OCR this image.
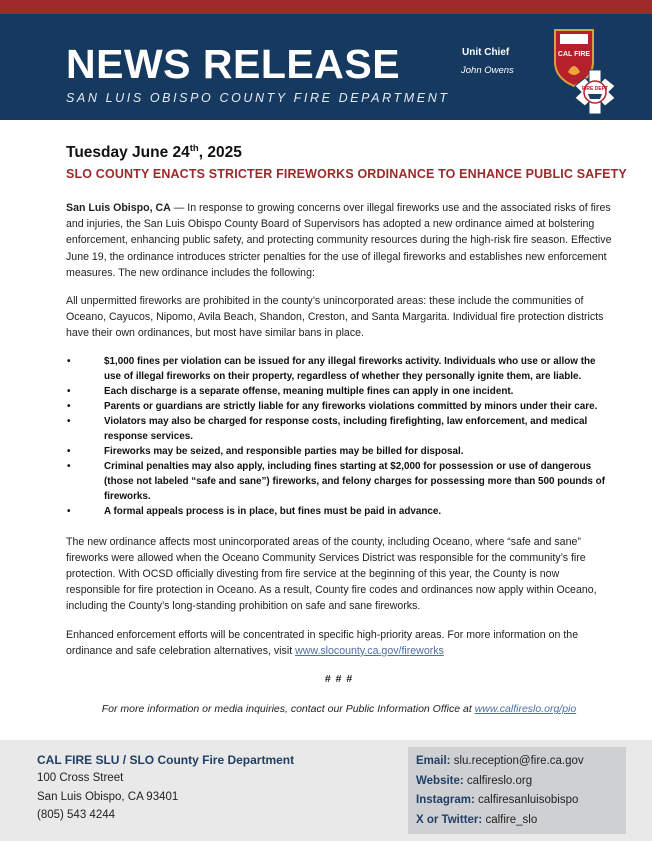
NEWS RELEASE
SAN LUIS OBISPO COUNTY FIRE DEPARTMENT
Unit Chief
John Owens
CAL FIRE
FIRE DEPT
Tuesday June 24th, 2025
SLO COUNTY ENACTS STRICTER FIREWORKS ORDINANCE TO ENHANCE PUBLIC SAFETY

San Luis Obispo, CA — In response to growing concerns over illegal fireworks use and the associated risks of fires and injuries, the San Luis Obispo County Board of Supervisors has adopted a new ordinance aimed at bolstering enforcement, enhancing public safety, and protecting community resources during the high-risk fire season. Effective June 19, the ordinance introduces stricter penalties for the use of illegal fireworks and establishes new enforcement measures. The new ordinance includes the following:

All unpermitted fireworks are prohibited in the county’s unincorporated areas: these include the communities of Oceano, Cayucos, Nipomo, Avila Beach, Shandon, Creston, and Santa Margarita. Individual fire protection districts have their own ordinances, but most have similar bans in place.

•	$1,000 fines per violation can be issued for any illegal fireworks activity. Individuals who use or allow the use of illegal fireworks on their property, regardless of whether they personally ignite them, are liable.
•	Each discharge is a separate offense, meaning multiple fines can apply in one incident.
•	Parents or guardians are strictly liable for any fireworks violations committed by minors under their care.
•	Violators may also be charged for response costs, including firefighting, law enforcement, and medical response services.
•	Fireworks may be seized, and responsible parties may be billed for disposal.
•	Criminal penalties may also apply, including fines starting at $2,000 for possession or use of dangerous (those not labeled “safe and sane”) fireworks, and felony charges for possessing more than 500 pounds of fireworks.
•	A formal appeals process is in place, but fines must be paid in advance.

The new ordinance affects most unincorporated areas of the county, including Oceano, where “safe and sane” fireworks were allowed when the Oceano Community Services District was responsible for the community’s fire protection. With OCSD officially divesting from fire service at the beginning of this year, the County is now responsible for fire protection in Oceano. As a result, County fire codes and ordinances now apply within Oceano, including the County’s long-standing prohibition on safe and sane fireworks.

Enhanced enforcement efforts will be concentrated in specific high-priority areas. For more information on the ordinance and safe celebration alternatives, visit www.slocounty.ca.gov/fireworks

# # #
For more information or media inquiries, contact our Public Information Office at www.calfireslo.org/pio
CAL FIRE SLU / SLO County Fire Department
100 Cross Street
San Luis Obispo, CA 93401
(805) 543 4244
Email: slu.reception@fire.ca.gov
Website: calfireslo.org
Instagram: calfiresanluisobispo
X or Twitter: calfire_slo
